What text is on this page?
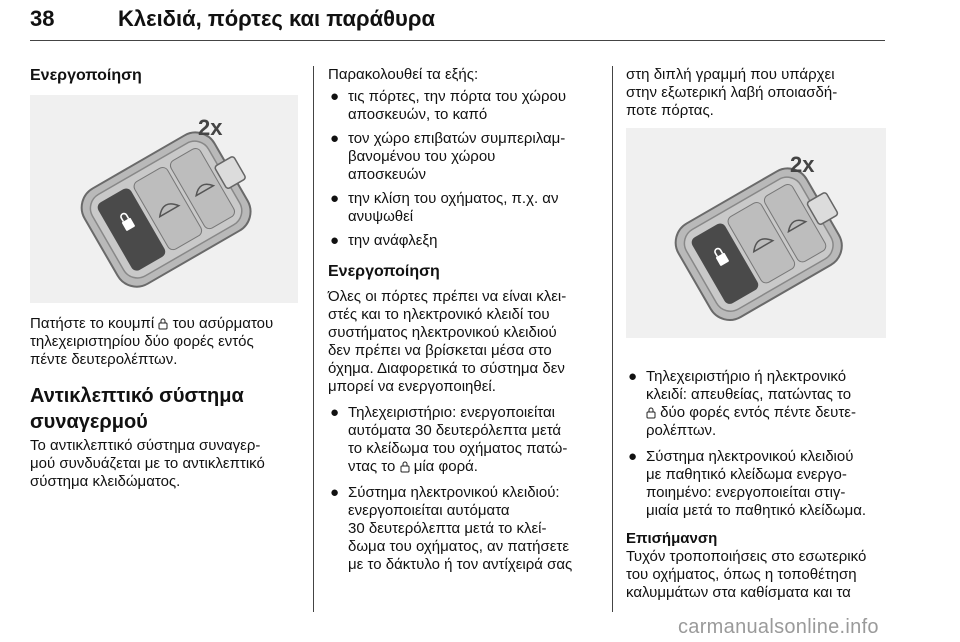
38	Κλειδιά, πόρτες και παράθυρα

Ενεργοποίηση

2x

Πατήστε το κουμπί του ασύρματου
τηλεχειριστηρίου δύο φορές εντός
πέντε δευτερολέπτων.

Αντικλεπτικό σύστημα
συναγερμού

Το αντικλεπτικό σύστημα συναγερ-
μού συνδυάζεται με το αντικλεπτικό
σύστημα κλειδώματος.

Παρακολουθεί τα εξής:

● τις πόρτες, την πόρτα του χώρου
αποσκευών, το καπό

● τον χώρο επιβατών συμπεριλαμ-
βανομένου του χώρου
αποσκευών

● την κλίση του οχήματος, π.χ. αν
ανυψωθεί

● την ανάφλεξη

Ενεργοποίηση

Όλες οι πόρτες πρέπει να είναι κλει-
στές και το ηλεκτρονικό κλειδί του
συστήματος ηλεκτρονικού κλειδιού
δεν πρέπει να βρίσκεται μέσα στο
όχημα. Διαφορετικά το σύστημα δεν
μπορεί να ενεργοποιηθεί.

● Τηλεχειριστήριο: ενεργοποιείται
αυτόματα 30 δευτερόλεπτα μετά
το κλείδωμα του οχήματος πατώ-
ντας το μία φορά.

● Σύστημα ηλεκτρονικού κλειδιού:
ενεργοποιείται αυτόματα
30 δευτερόλεπτα μετά το κλεί-
δωμα του οχήματος, αν πατήσετε
με το δάκτυλο ή τον αντίχειρά σας

στη διπλή γραμμή που υπάρχει
στην εξωτερική λαβή οποιασδή-
ποτε πόρτας.

2x

● Τηλεχειριστήριο ή ηλεκτρονικό
κλειδί: απευθείας, πατώντας το
δύο φορές εντός πέντε δευτε-
ρολέπτων.

● Σύστημα ηλεκτρονικού κλειδιού
με παθητικό κλείδωμα ενεργο-
ποιημένο: ενεργοποιείται στιγ-
μιαία μετά το παθητικό κλείδωμα.

Επισήμανση

Τυχόν τροποποιήσεις στο εσωτερικό
του οχήματος, όπως η τοποθέτηση
καλυμμάτων στα καθίσματα και τα

carmanualsonline.info
